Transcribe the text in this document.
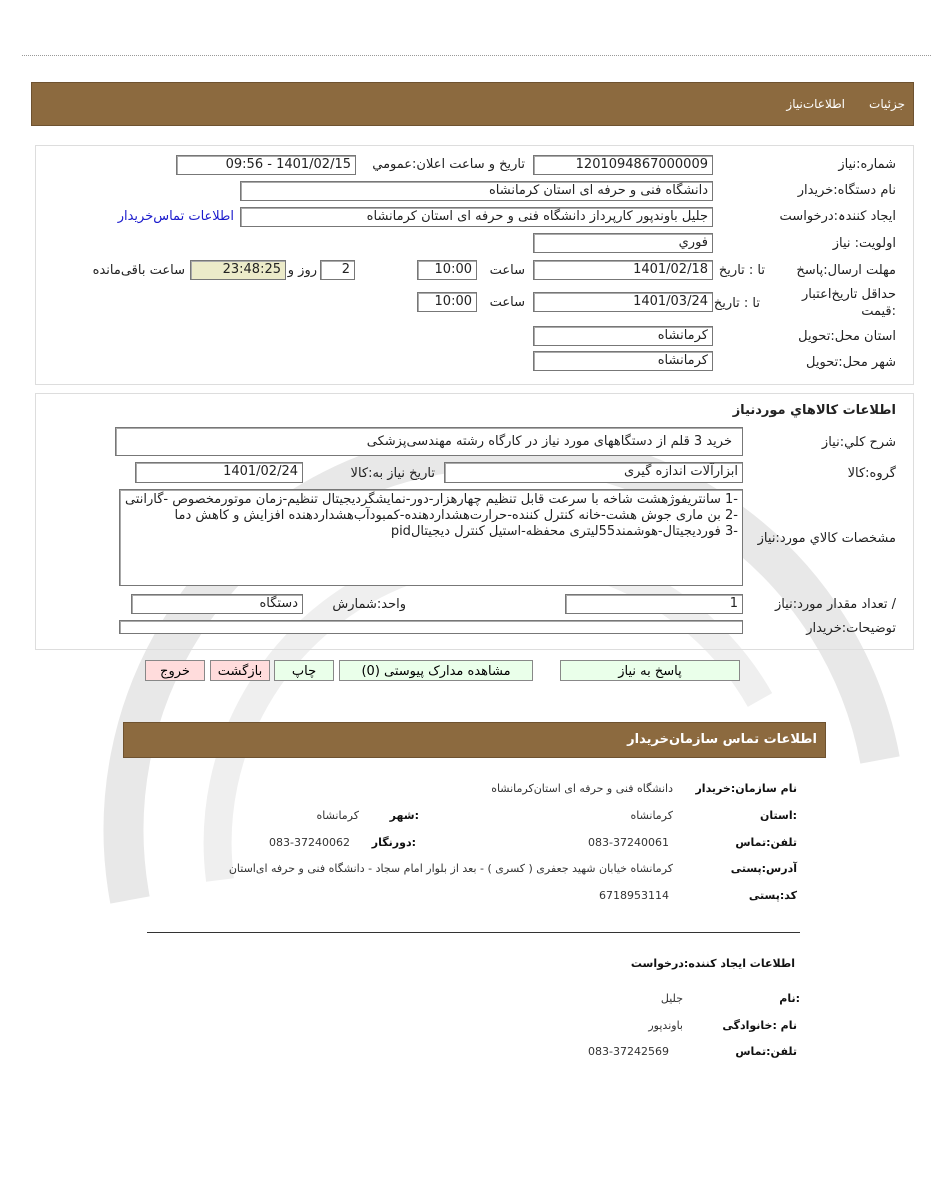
جزئیات
اطلاعات‌نیاز
شماره:نیاز
1201094867000009
تاریخ و ساعت اعلان:عمومي
1401/02/15 - 09:56
نام دستگاه:خریدار
دانشگاه فنی و حرفه ای استان کرمانشاه
ایجاد کنندہ:درخواست
جلیل باوندپور کارپرداز دانشگاه فنی و حرفه ای استان کرمانشاه
اطلاعات تماس‌خریدار
اولویت: نیاز
فوري
مهلت ارسال:پاسخ
تا : تاریخ
1401/02/18
ساعت
10:00
2
روز و
23:48:25
ساعت باقی‌مانده
حداقل تاریخ‌اعتبار
:قیمت
تا : تاریخ
1401/03/24
ساعت
10:00
استان محل:تحویل
کرمانشاه
شهر محل:تحویل
کرمانشاه
اطلاعات کالاهاي موردنیاز
شرح کلي:نیاز
خرید 3 قلم از دستگاههای مورد نیاز در کارگاه رشته مهندسی‌پزشکی
گروه:کالا
ابزارآلات اندازه گیری
تاریخ نیاز به:کالا
1401/02/24
مشخصات کالاي مورد:نیاز
-1 سانتریفوژهشت شاخه با سرعت قابل تنظیم چهارهزار-دور-نمایشگردیجیتال تنظیم-زمان موتورمخصوص -گارانتی
-2 بن ماری جوش هشت-خانه کنترل کننده-حرارت‌هشداردهنده-کمبودآب‌هشداردهنده افزایش و کاهش دما
-3 فوردیجیتال-هوشمند55لیتری محفظه-استیل کنترل دیجیتالpid
/ تعداد مقدار مورد:نیاز
1
واحد:شمارش
دستگاه
توضیحات:خریدار
پاسخ به نیاز
مشاهده مدارک پیوستی (0)
چاپ
بازگشت
خروج
اطلاعات تماس سازمان‌خریدار
نام سازمان:خریدار
دانشگاه فنی و حرفه ای استان‌کرمانشاه
:استان
کرمانشاه
:شهر
کرمانشاه
تلفن:تماس
083-37240061
:دورنگار
083-37240062
آدرس:پستی
کرمانشاه خیابان شهید جعفری ( کسری ) - بعد از بلوار امام سجاد - دانشگاه فنی و حرفه ای‌استان
کد:پستی
6718953114
اطلاعات ایجاد کننده:درخواست
:نام
جلیل
نام :خانوادگی
باوندپور
تلفن:تماس
083-37242569
